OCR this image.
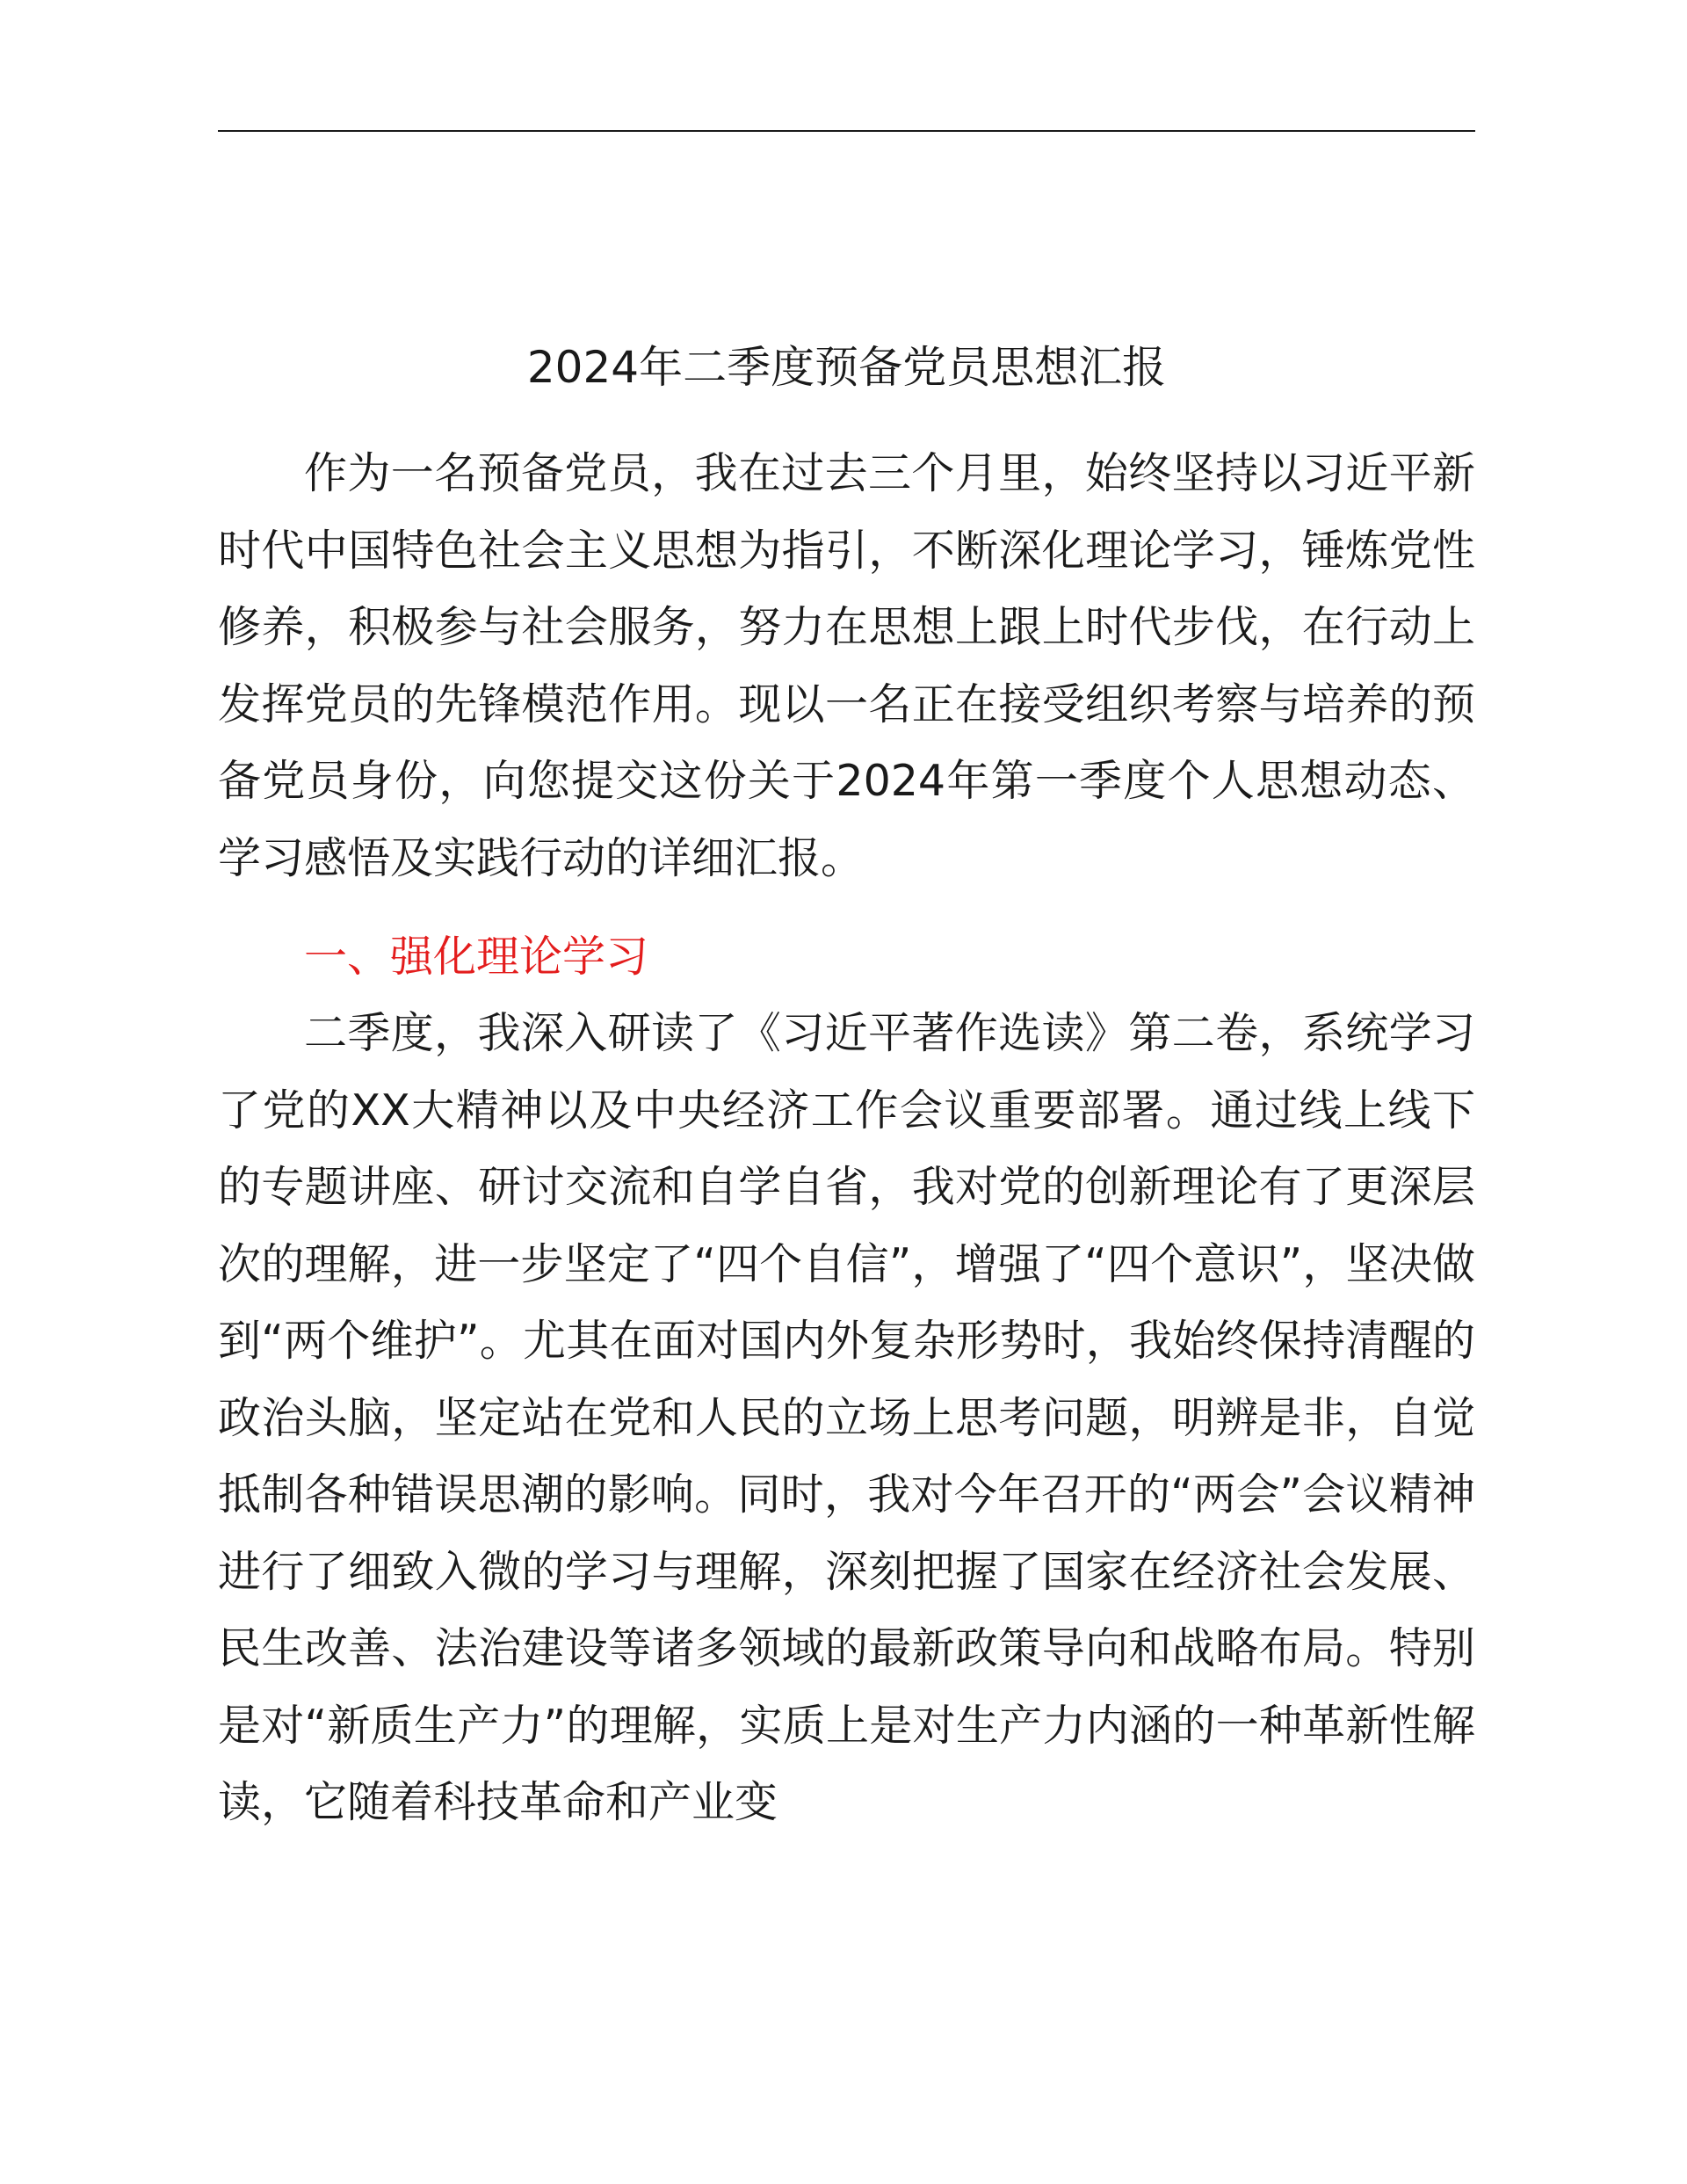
2024年二季度预备党员思想汇报

作为一名预备党员，我在过去三个月里，始终坚持以习近平新时代中国特色社会主义思想为指引，不断深化理论学习，锤炼党性修养，积极参与社会服务，努力在思想上跟上时代步伐，在行动上发挥党员的先锋模范作用。现以一名正在接受组织考察与培养的预备党员身份，向您提交这份关于2024年第一季度个人思想动态、学习感悟及实践行动的详细汇报。

一、强化理论学习

二季度，我深入研读了《习近平著作选读》第二卷，系统学习了党的XX大精神以及中央经济工作会议重要部署。通过线上线下的专题讲座、研讨交流和自学自省，我对党的创新理论有了更深层次的理解，进一步坚定了“四个自信”，增强了“四个意识”，坚决做到“两个维护”。尤其在面对国内外复杂形势时，我始终保持清醒的政治头脑，坚定站在党和人民的立场上思考问题，明辨是非，自觉抵制各种错误思潮的影响。同时，我对今年召开的“两会”会议精神进行了细致入微的学习与理解，深刻把握了国家在经济社会发展、民生改善、法治建设等诸多领域的最新政策导向和战略布局。特别是对“新质生产力”的理解，实质上是对生产力内涵的一种革新性解读，它随着科技革命和产业变
